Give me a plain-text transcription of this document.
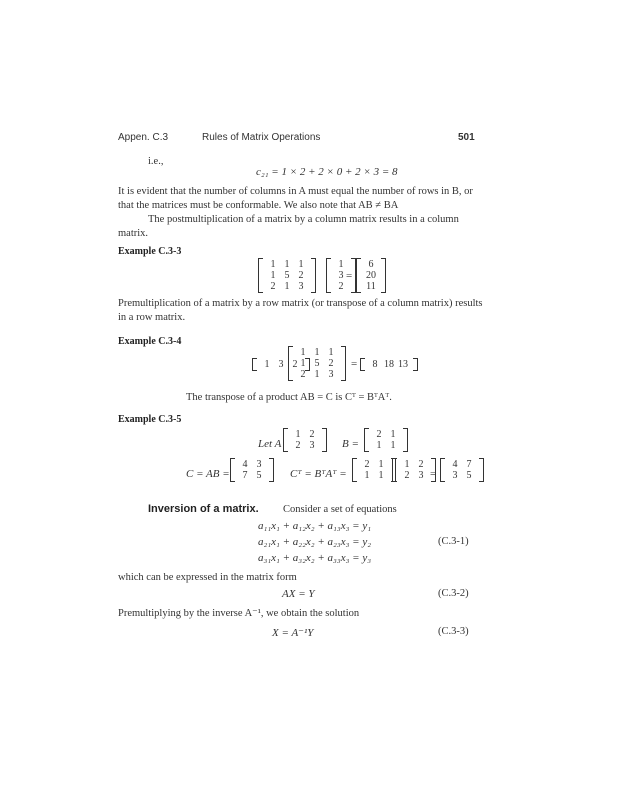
Appen. C.3	Rules of Matrix Operations	501
i.e.,
c₂₁ = 1 × 2 + 2 × 0 + 2 × 3 = 8
It is evident that the number of columns in A must equal the number of rows in B, or
that the matrices must be conformable. We also note that AB ≠ BA
The postmultiplication of a matrix by a column matrix results in a column
matrix.
Example C.3-3
1 1 1
1 5 2
2 1 3
1
3
2
=
6
20
11
Premultiplication of a matrix by a row matrix (or transpose of a column matrix) results
in a row matrix.
Example C.3-4
1 3 2
1 1 1
1 5 2
2 1 3
=	8 18 13
The transpose of a product AB = C is Cᵀ = BᵀAᵀ.
Example C.3-5
Let A
1 2
2 3	B =
2 1
1 1
C = AB =
4 3
7 5	Cᵀ = BᵀAᵀ =
2 1
1 1
1 2
2 3 =
4 7
3 5
Inversion of a matrix. Consider a set of equations
a₁₁x₁ + a₁₂x₂ + a₁₃x₃ = y₁
a₂₁x₁ + a₂₂x₂ + a₂₃x₃ = y₂
a₃₁x₁ + a₃₂x₂ + a₃₃x₃ = y₃
(C.3-1)
which can be expressed in the matrix form
AX = Y	(C.3-2)
Premultiplying by the inverse A⁻¹, we obtain the solution
X = A⁻¹Y	(C.3-3)
